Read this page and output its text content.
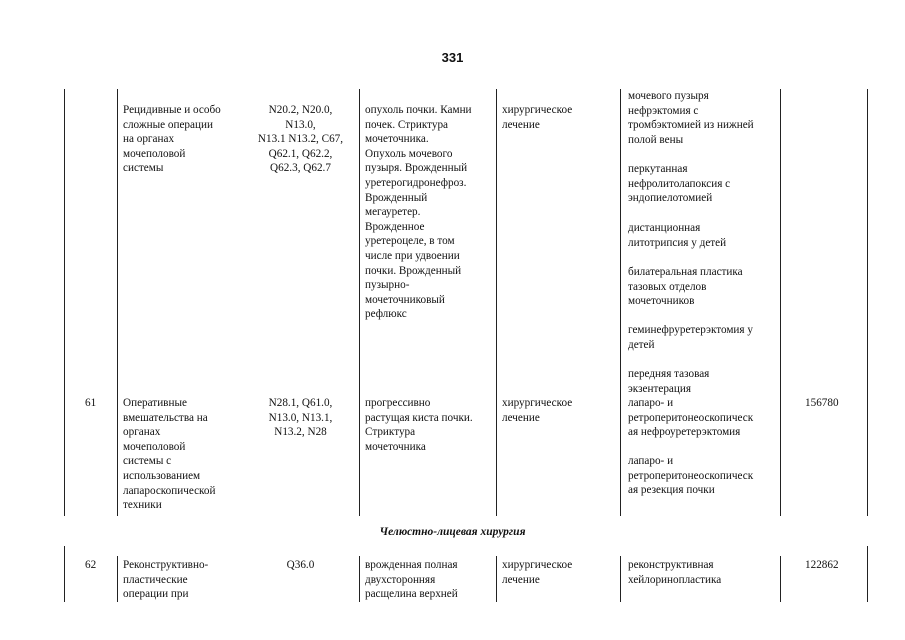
331
Рецидивные и особо
сложные операции
на органах
мочеполовой
системы
N20.2, N20.0,
N13.0,
N13.1 N13.2, C67,
Q62.1, Q62.2,
Q62.3, Q62.7
опухоль почки. Камни
почек. Стриктура
мочеточника.
Опухоль мочевого
пузыря. Врожденный
уретерогидронефроз.
Врожденный
мегауретер.
Врожденное
уретероцеле, в том
числе при удвоении
почки. Врожденный
пузырно-
мочеточниковый
рефлюкс
хирургическое
лечение
мочевого пузыря
нефрэктомия с
тромбэктомией из нижней
полой вены
перкутанная
нефролитолапоксия с
эндопиелотомией
дистанционная
литотрипсия у детей
билатеральная пластика
тазовых отделов
мочеточников
геминефруретерэктомия у
детей
передняя тазовая
экзентерация
61 Оперативные
вмешательства на
органах
мочеполовой
системы с
использованием
лапароскопической
техники
N28.1, Q61.0,
N13.0, N13.1,
N13.2, N28
прогрессивно
растущая киста почки.
Стриктура
мочеточника
хирургическое
лечение
лапаро- и
ретроперитонеоскопическ
ая нефроуретерэктомия
лапаро- и
ретроперитонеоскопическ
ая резекция почки
156780
Челюстно-лицевая хирургия
62 Реконструктивно-
пластические
операции при
Q36.0	врожденная полная
двухсторонняя
расщелина верхней
хирургическое
лечение
реконструктивная
хейлоринопластика
122862
